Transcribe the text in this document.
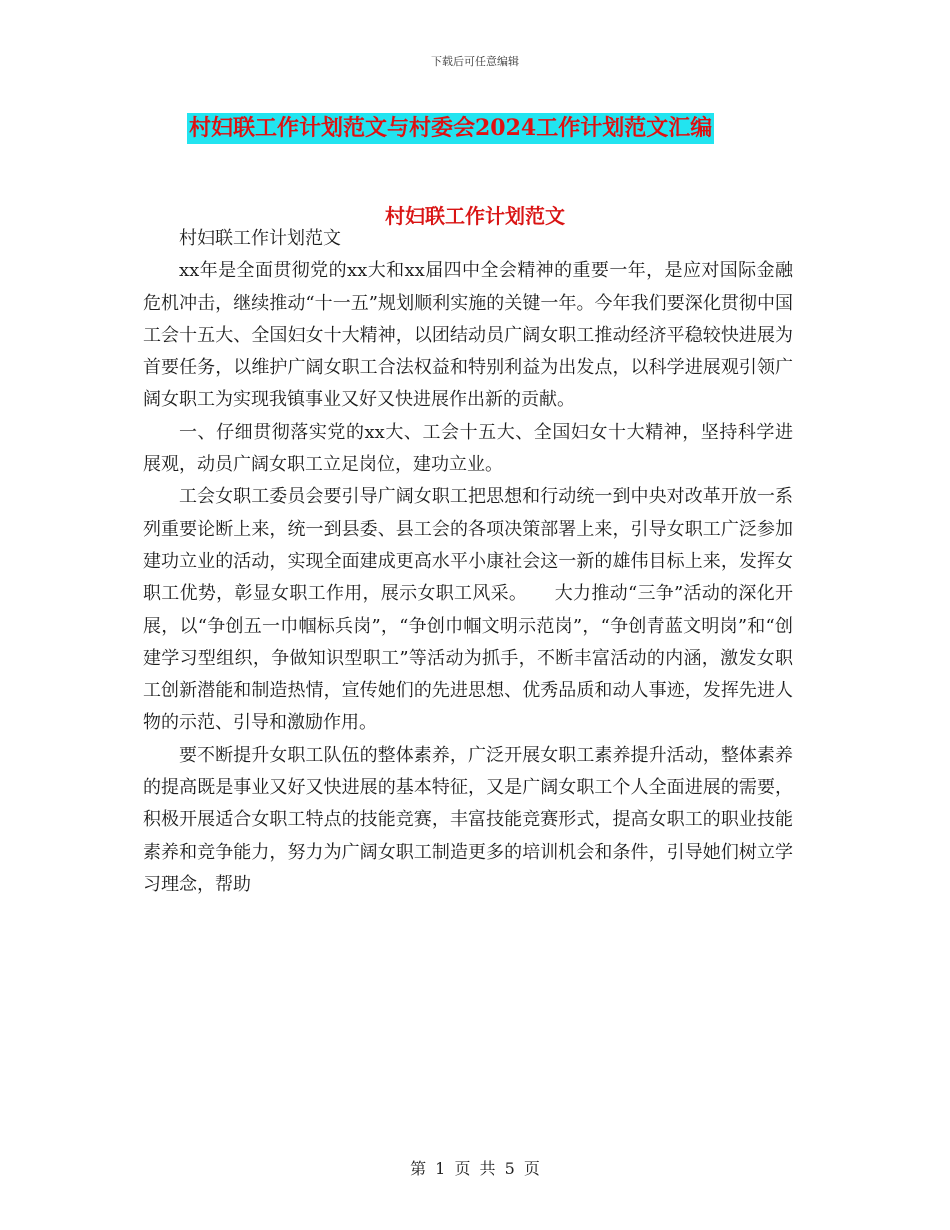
下载后可任意编辑
村妇联工作计划范文与村委会2024工作计划范文汇编
村妇联工作计划范文

村妇联工作计划范文

xx年是全面贯彻党的xx大和xx届四中全会精神的重要一年，是应对国际金融危机冲击，继续推动“十一五”规划顺利实施的关键一年。今年我们要深化贯彻中国工会十五大、全国妇女十大精神，以团结动员广阔女职工推动经济平稳较快进展为首要任务，以维护广阔女职工合法权益和特别利益为出发点，以科学进展观引领广阔女职工为实现我镇事业又好又快进展作出新的贡献。

一、仔细贯彻落实党的xx大、工会十五大、全国妇女十大精神，坚持科学进展观，动员广阔女职工立足岗位，建功立业。

工会女职工委员会要引导广阔女职工把思想和行动统一到中央对改革开放一系列重要论断上来，统一到县委、县工会的各项决策部署上来，引导女职工广泛参加建功立业的活动，实现全面建成更高水平小康社会这一新的雄伟目标上来，发挥女职工优势，彰显女职工作用，展示女职工风采。　　大力推动“三争”活动的深化开展，以“争创五一巾帼标兵岗”，“争创巾帼文明示范岗”，“争创青蓝文明岗”和“创建学习型组织，争做知识型职工”等活动为抓手，不断丰富活动的内涵，激发女职工创新潜能和制造热情，宣传她们的先进思想、优秀品质和动人事迹，发挥先进人物的示范、引导和激励作用。

要不断提升女职工队伍的整体素养，广泛开展女职工素养提升活动，整体素养的提高既是事业又好又快进展的基本特征，又是广阔女职工个人全面进展的需要，积极开展适合女职工特点的技能竞赛，丰富技能竞赛形式，提高女职工的职业技能素养和竞争能力，努力为广阔女职工制造更多的培训机会和条件，引导她们树立学习理念，帮助

第 1 页 共 5 页
